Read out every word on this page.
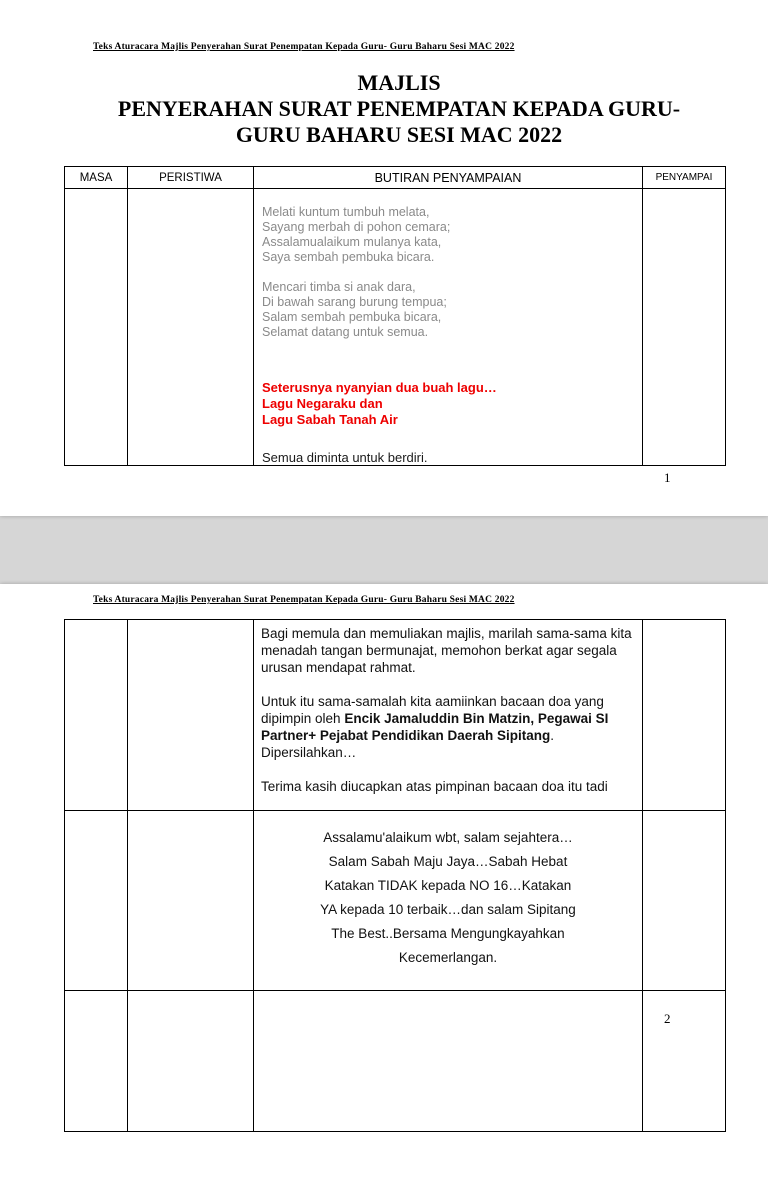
Teks Aturacara Majlis Penyerahan Surat Penempatan Kepada Guru- Guru Baharu Sesi MAC 2022
MAJLIS
PENYERAHAN SURAT PENEMPATAN KEPADA GURU-
GURU BAHARU SESI MAC 2022
MASA	PERISTIWA	BUTIRAN PENYAMPAIAN	PENYAMPAI
Melati kuntum tumbuh melata,
Sayang merbah di pohon cemara;
Assalamualaikum mulanya kata,
Saya sembah pembuka bicara.
Mencari timba si anak dara,
Di bawah sarang burung tempua;
Salam sembah pembuka bicara,
Selamat datang untuk semua.
Seterusnya nyanyian dua buah lagu…
Lagu Negaraku dan
Lagu Sabah Tanah Air
Semua diminta untuk berdiri.
1
Teks Aturacara Majlis Penyerahan Surat Penempatan Kepada Guru- Guru Baharu Sesi MAC 2022

Bagi memula dan memuliakan majlis, marilah sama-sama kita menadah tangan bermunajat, memohon berkat agar segala urusan mendapat rahmat.

Untuk itu sama-samalah kita aamiinkan bacaan doa yang dipimpin oleh Encik Jamaluddin Bin Matzin, Pegawai SI Partner+ Pejabat Pendidikan Daerah Sipitang.

Dipersilahkan…

Terima kasih diucapkan atas pimpinan bacaan doa itu tadi

Assalamu'alaikum wbt, salam sejahtera…
Salam Sabah Maju Jaya…Sabah Hebat
Katakan TIDAK kepada NO 16…Katakan
YA kepada 10 terbaik…dan salam Sipitang
The Best..Bersama Mengungkayahkan
Kecemerlangan.
2
